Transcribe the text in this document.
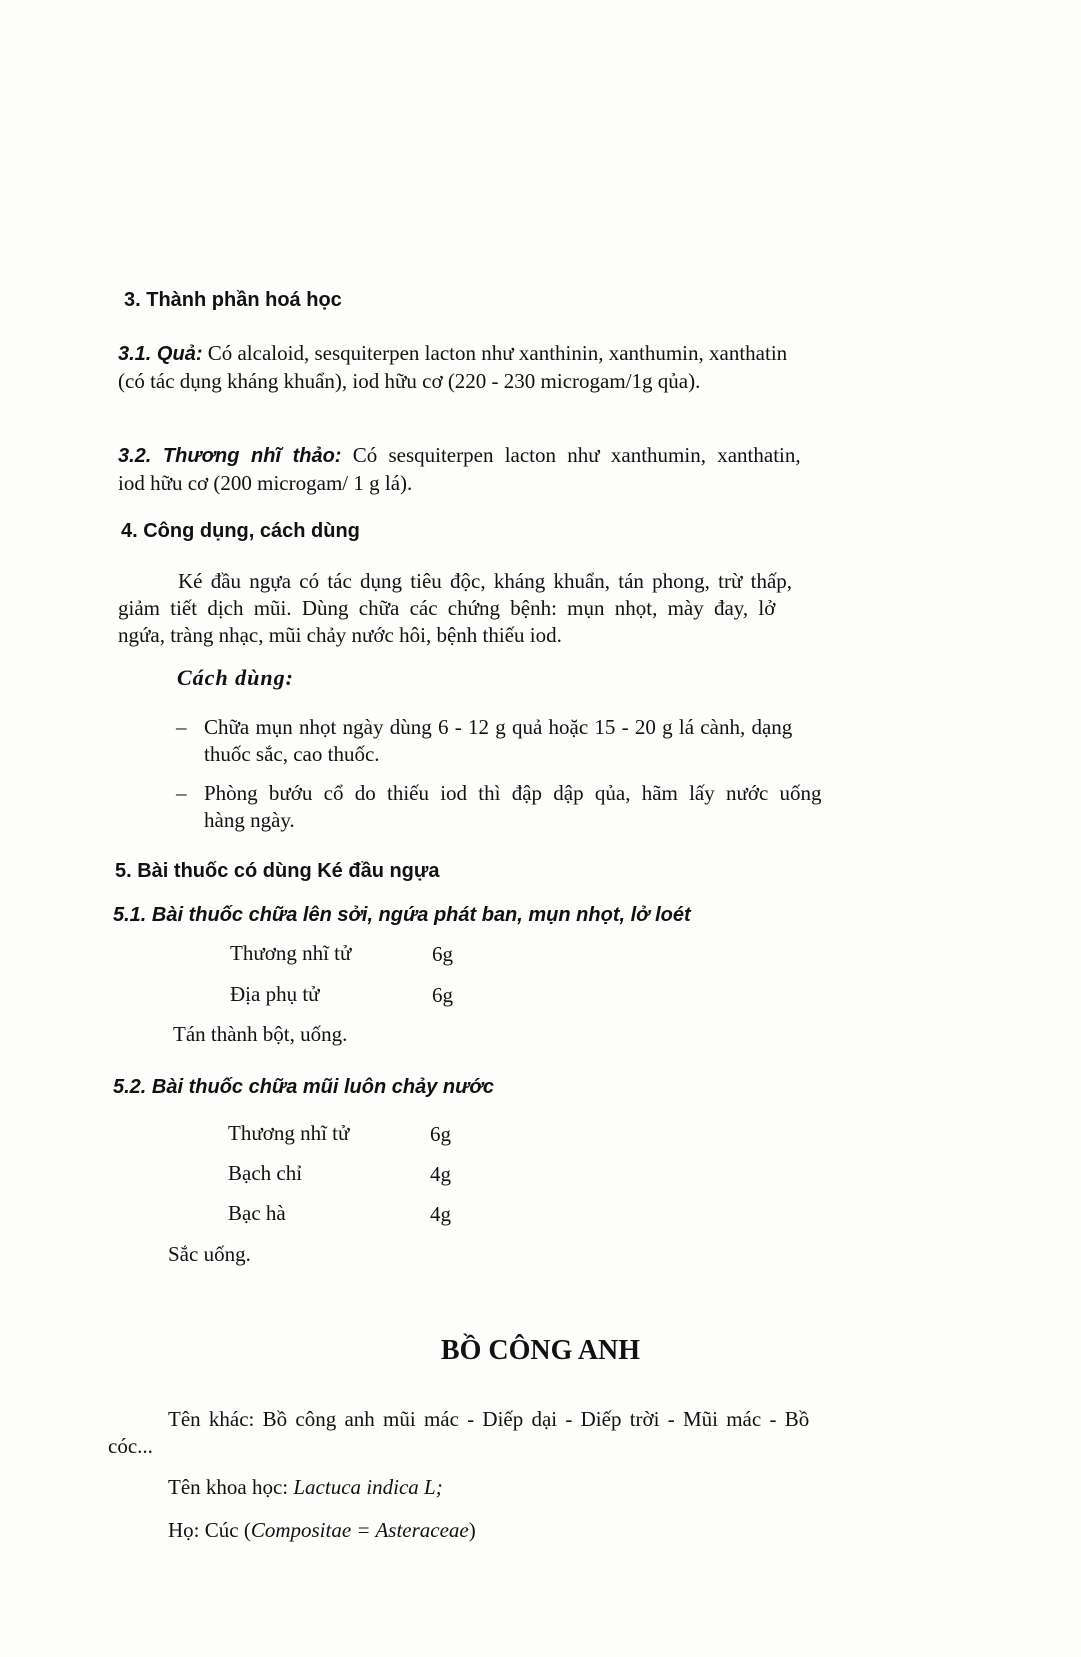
3. Thành phần hoá học
3.1. Quả: Có alcaloid, sesquiterpen lacton như xanthinin, xanthumin, xanthatin
(có tác dụng kháng khuẩn), iod hữu cơ (220 - 230 microgam/1g qủa).
3.2. Thương nhĩ thảo: Có sesquiterpen lacton như xanthumin, xanthatin,
iod hữu cơ (200 microgam/ 1 g lá).
4. Công dụng, cách dùng
Ké đầu ngựa có tác dụng tiêu độc, kháng khuẩn, tán phong, trừ thấp,
giảm tiết dịch mũi. Dùng chữa các chứng bệnh: mụn nhọt, mày đay, lở
ngứa, tràng nhạc, mũi chảy nước hôi, bệnh thiếu iod.
Cách dùng:
– Chữa mụn nhọt ngày dùng 6 - 12 g quả hoặc 15 - 20 g lá cành, dạng
thuốc sắc, cao thuốc.
– Phòng bướu cổ do thiếu iod thì đập dập qủa, hãm lấy nước uống
hàng ngày.
5. Bài thuốc có dùng Ké đầu ngựa
5.1. Bài thuốc chữa lên sởi, ngứa phát ban, mụn nhọt, lở loét
Thương nhĩ tử	6g
Địa phụ tử	6g
Tán thành bột, uống.
5.2. Bài thuốc chữa mũi luôn chảy nước
Thương nhĩ tử	6g
Bạch chỉ	4g
Bạc hà	4g
Sắc uống.
BỒ CÔNG ANH
Tên khác: Bồ công anh mũi mác - Diếp dại - Diếp trời - Mũi mác - Bồ
cóc...
Tên khoa học: Lactuca indica L;
Họ: Cúc (Compositae = Asteraceae)
